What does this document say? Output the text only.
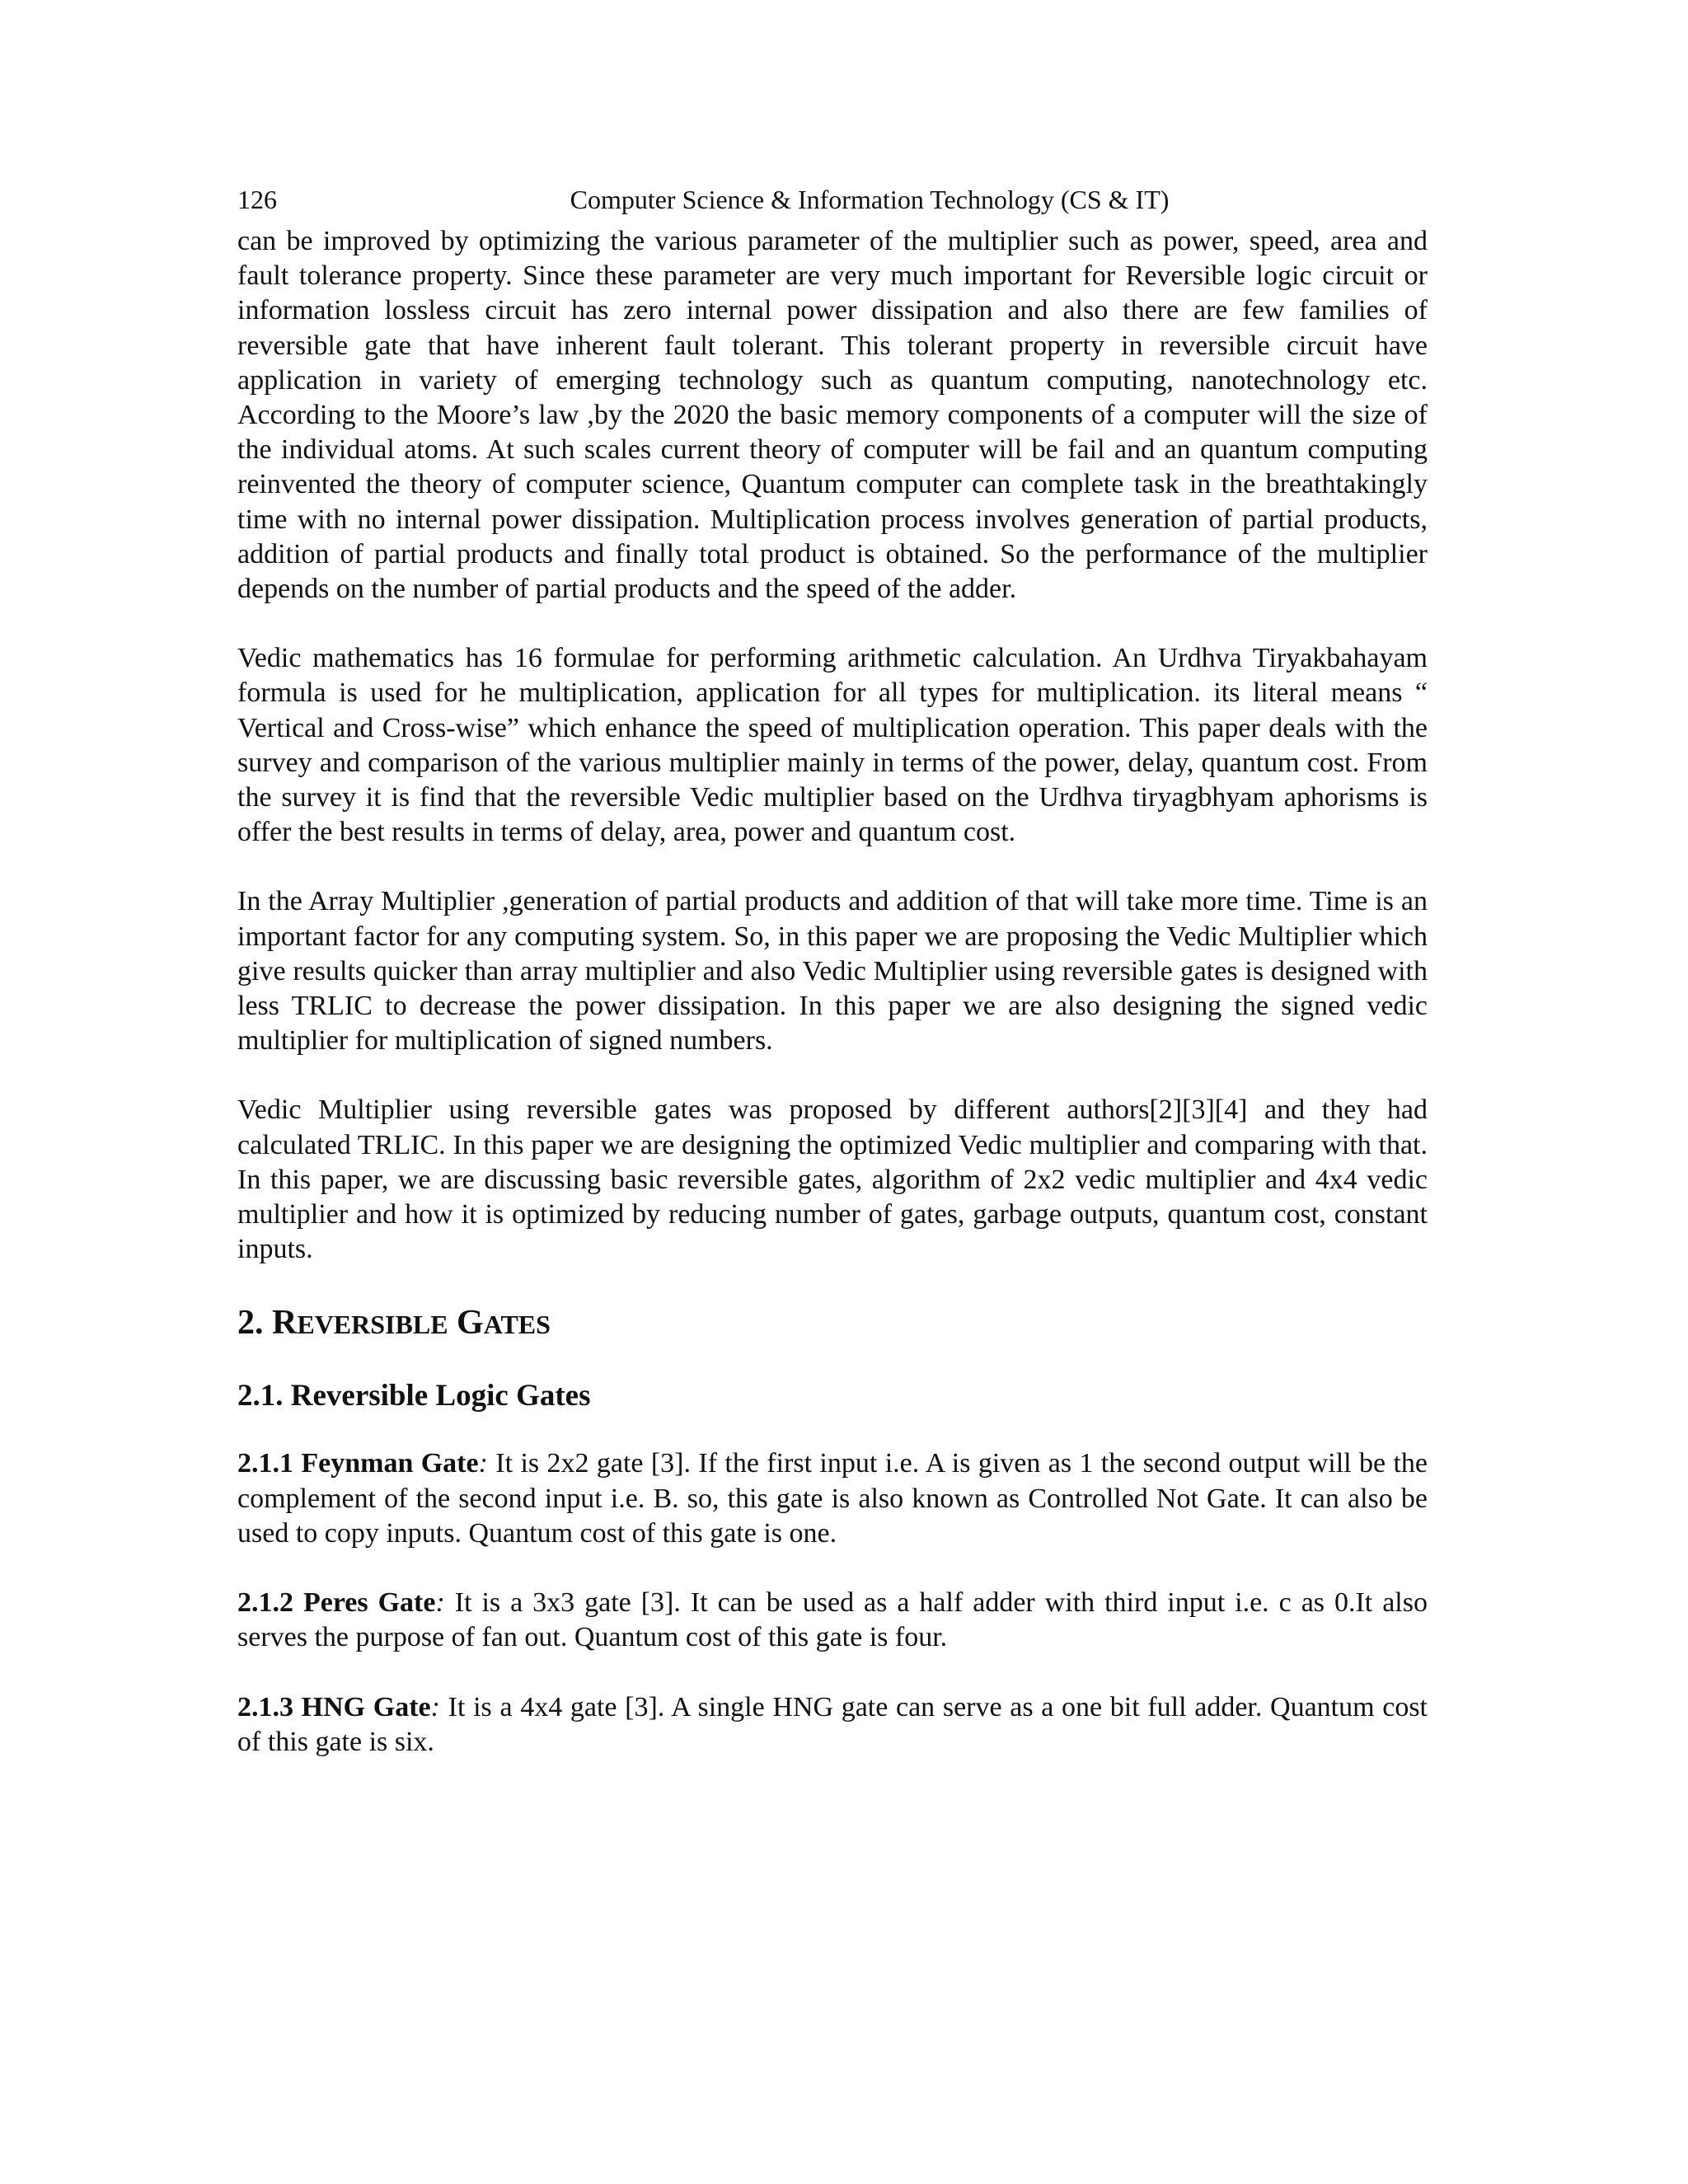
126	Computer Science & Information Technology (CS & IT)

can be improved by optimizing the various parameter of the multiplier such as power, speed, area and fault tolerance property. Since these parameter are very much important for Reversible logic circuit or information lossless circuit has zero internal power dissipation and also there are few families of reversible gate that have inherent fault tolerant. This tolerant property in reversible circuit have application in variety of emerging technology such as quantum computing, nanotechnology etc. According to the Moore’s law ,by the 2020 the basic memory components of a computer will the size of the individual atoms. At such scales current theory of computer will be fail and an quantum computing reinvented the theory of computer science, Quantum computer can complete task in the breathtakingly time with no internal power dissipation. Multiplication process involves generation of partial products, addition of partial products and finally total product is obtained. So the performance of the multiplier depends on the number of partial products and the speed of the adder.

Vedic mathematics has 16 formulae for performing arithmetic calculation. An Urdhva Tiryakbahayam formula is used for he multiplication, application for all types for multiplication. its literal means “ Vertical and Cross-wise” which enhance the speed of multiplication operation. This paper deals with the survey and comparison of the various multiplier mainly in terms of the power, delay, quantum cost. From the survey it is find that the reversible Vedic multiplier based on the Urdhva tiryagbhyam aphorisms is offer the best results in terms of delay, area, power and quantum cost.

In the Array Multiplier ,generation of partial products and addition of that will take more time. Time is an important factor for any computing system. So, in this paper we are proposing the Vedic Multiplier which give results quicker than array multiplier and also Vedic Multiplier using reversible gates is designed with less TRLIC to decrease the power dissipation. In this paper we are also designing the signed vedic multiplier for multiplication of signed numbers.

Vedic Multiplier using reversible gates was proposed by different authors[2][3][4] and they had calculated TRLIC. In this paper we are designing the optimized Vedic multiplier and comparing with that. In this paper, we are discussing basic reversible gates, algorithm of 2x2 vedic multiplier and 4x4 vedic multiplier and how it is optimized by reducing number of gates, garbage outputs, quantum cost, constant inputs.

2. REVERSIBLE GATES
2.1. Reversible Logic Gates

2.1.1 Feynman Gate: It is 2x2 gate [3]. If the first input i.e. A is given as 1 the second output will be the complement of the second input i.e. B. so, this gate is also known as Controlled Not Gate. It can also be used to copy inputs. Quantum cost of this gate is one.

2.1.2 Peres Gate: It is a 3x3 gate [3]. It can be used as a half adder with third input i.e. c as 0.It also serves the purpose of fan out. Quantum cost of this gate is four.

2.1.3 HNG Gate: It is a 4x4 gate [3]. A single HNG gate can serve as a one bit full adder. Quantum cost of this gate is six.
